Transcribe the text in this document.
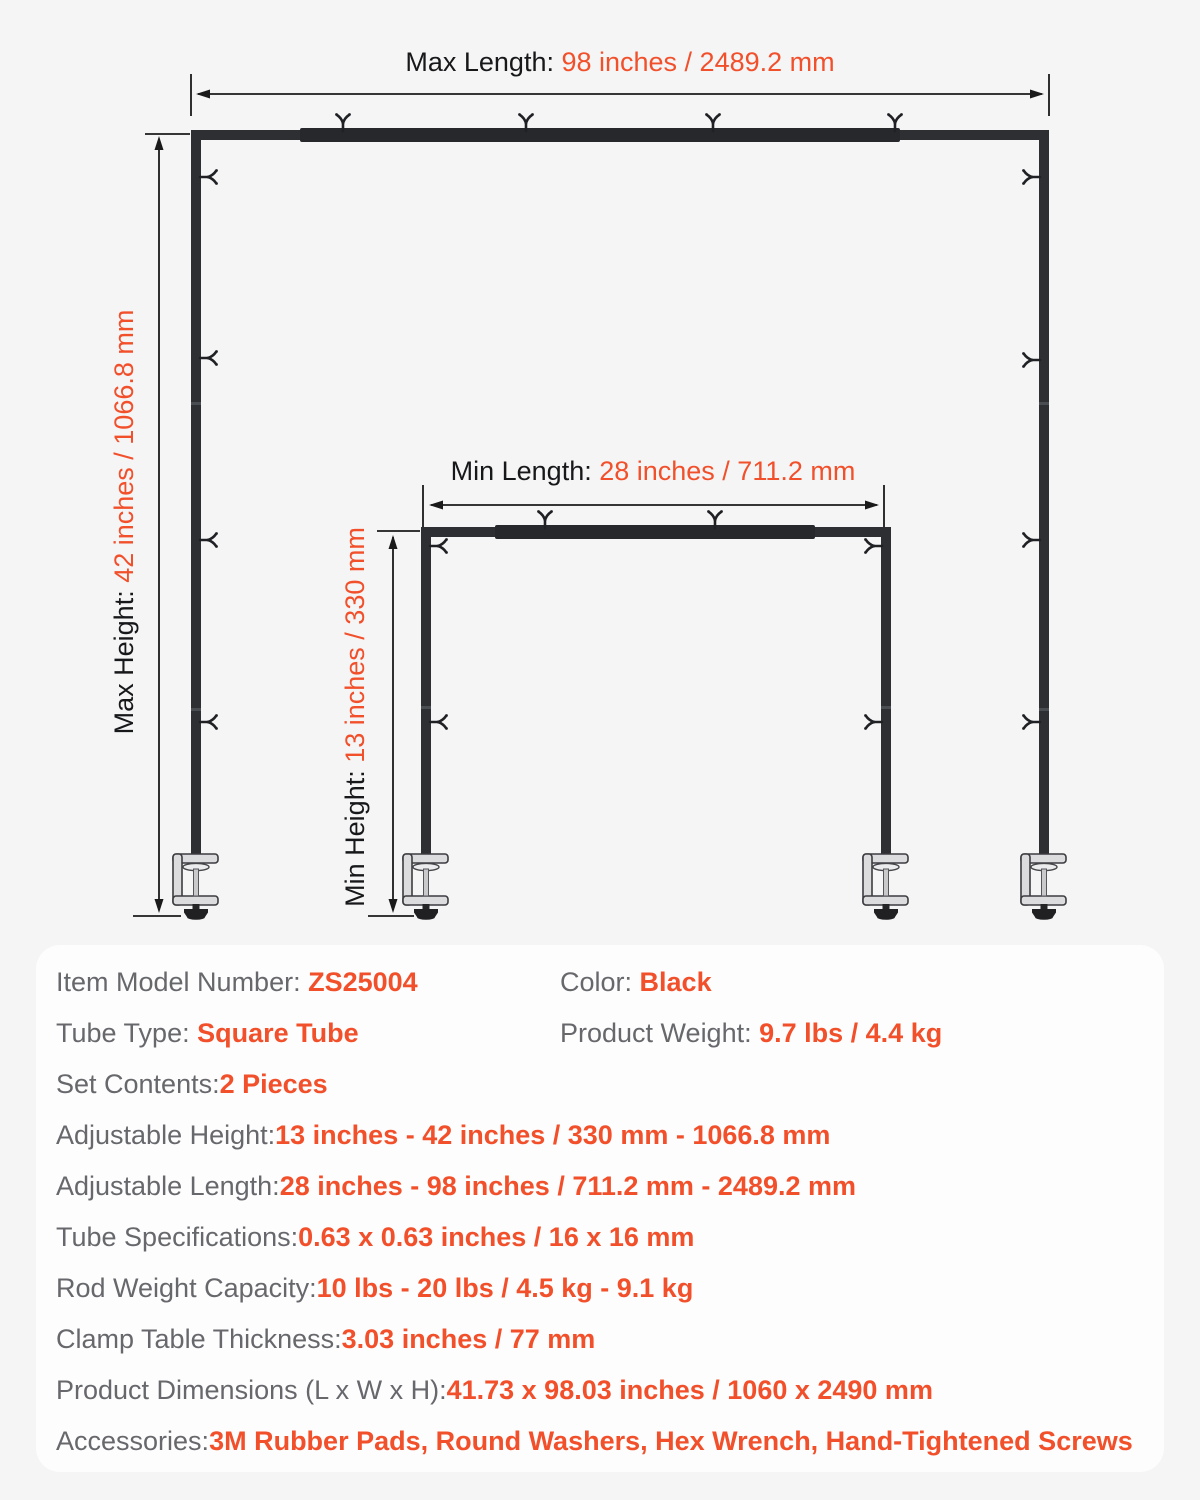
Max Length: 98 inches / 2489.2 mm
Min Length: 28 inches / 711.2 mm
Max Height: 42 inches / 1066.8 mm
Min Height: 13 inches / 330 mm
Item Model Number: ZS25004	Color: Black
Tube Type: Square Tube	Product Weight: 9.7 lbs / 4.4 kg
Set Contents: 2 Pieces
Adjustable Height: 13 inches - 42 inches / 330 mm - 1066.8 mm
Adjustable Length: 28 inches - 98 inches / 711.2 mm - 2489.2 mm
Tube Specifications: 0.63 x 0.63 inches / 16 x 16 mm
Rod Weight Capacity: 10 lbs - 20 lbs / 4.5 kg - 9.1 kg
Clamp Table Thickness: 3.03 inches / 77 mm
Product Dimensions (L x W x H): 41.73 x 98.03 inches / 1060 x 2490 mm
Accessories: 3M Rubber Pads, Round Washers, Hex Wrench, Hand-Tightened Screws
